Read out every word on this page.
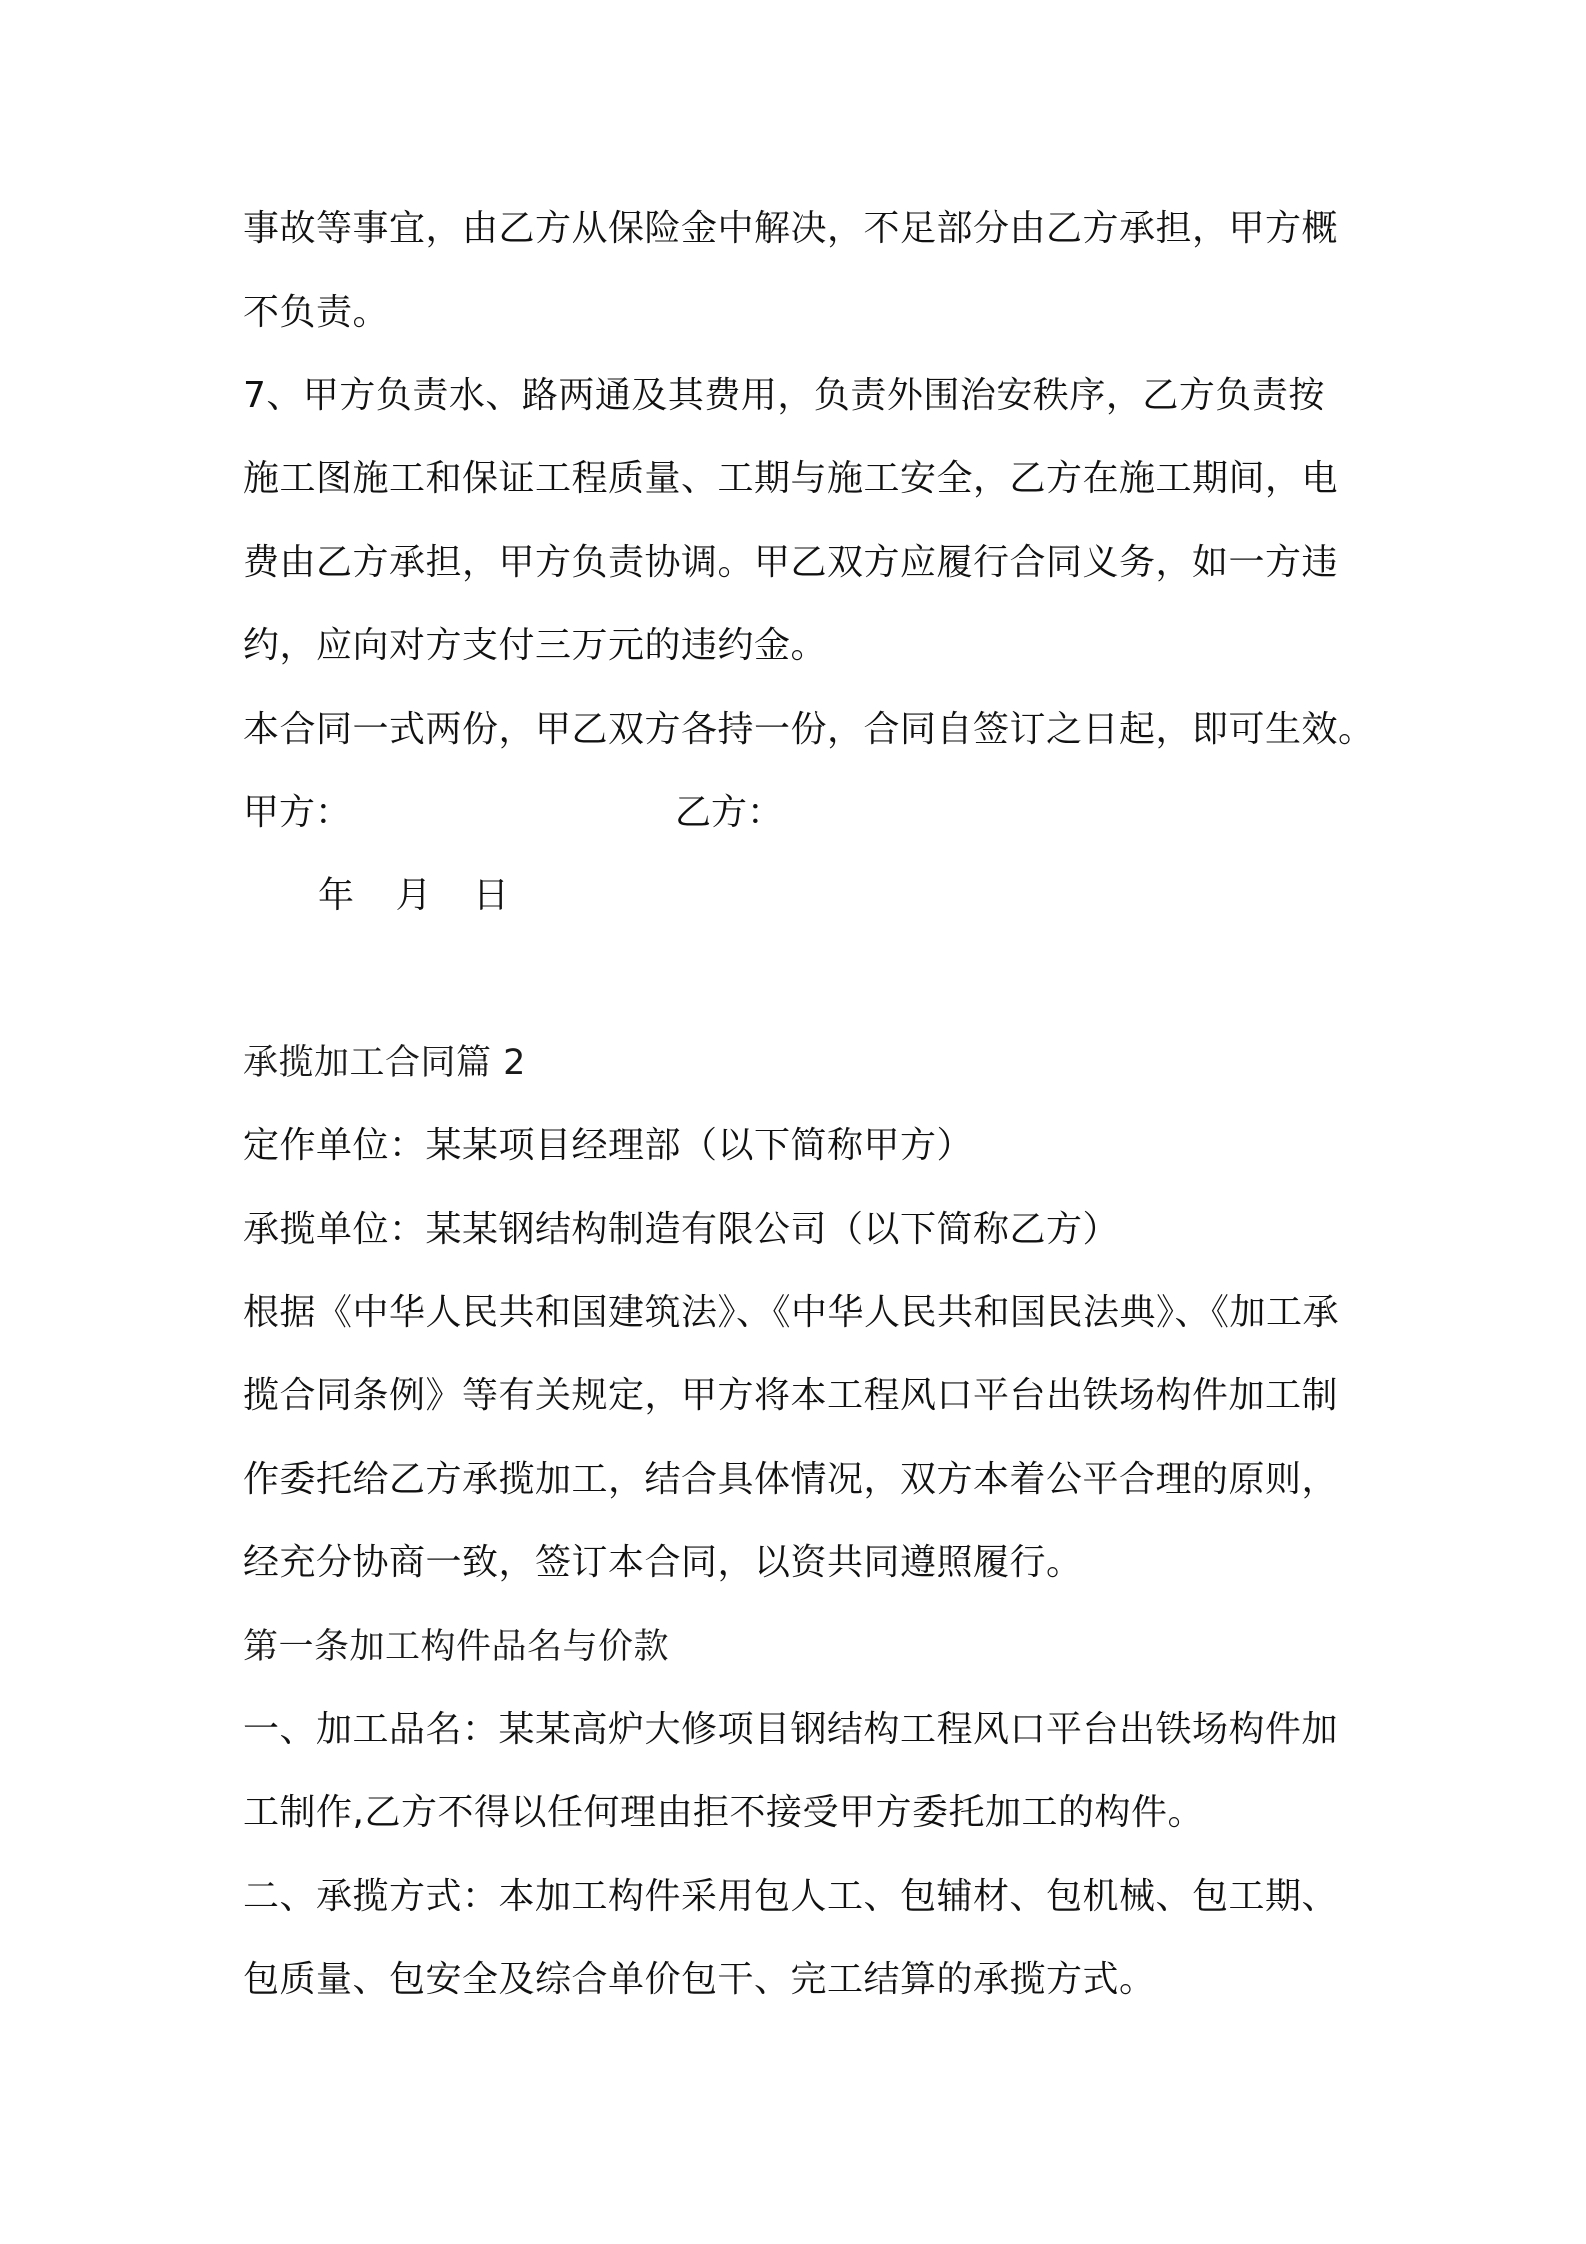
事故等事宜，由乙方从保险金中解决，不足部分由乙方承担，甲方概
不负责。
7、甲方负责水、路两通及其费用，负责外围治安秩序，乙方负责按
施工图施工和保证工程质量、工期与施工安全，乙方在施工期间，电
费由乙方承担，甲方负责协调。甲乙双方应履行合同义务，如一方违
约，应向对方支付三万元的违约金。
本合同一式两份，甲乙双方各持一份，合同自签订之日起，即可生效。
甲方：	乙方：
年 月 日
承揽加工合同篇 2
定作单位：某某项目经理部（以下简称甲方）
承揽单位：某某钢结构制造有限公司（以下简称乙方）
根据《中华人民共和国建筑法》、《中华人民共和国民法典》、《加工承
揽合同条例》等有关规定，甲方将本工程风口平台出铁场构件加工制
作委托给乙方承揽加工，结合具体情况，双方本着公平合理的原则，
经充分协商一致，签订本合同，以资共同遵照履行。
第一条加工构件品名与价款
一、加工品名：某某高炉大修项目钢结构工程风口平台出铁场构件加
工制作,乙方不得以任何理由拒不接受甲方委托加工的构件。
二、承揽方式：本加工构件采用包人工、包辅材、包机械、包工期、
包质量、包安全及综合单价包干、完工结算的承揽方式。
